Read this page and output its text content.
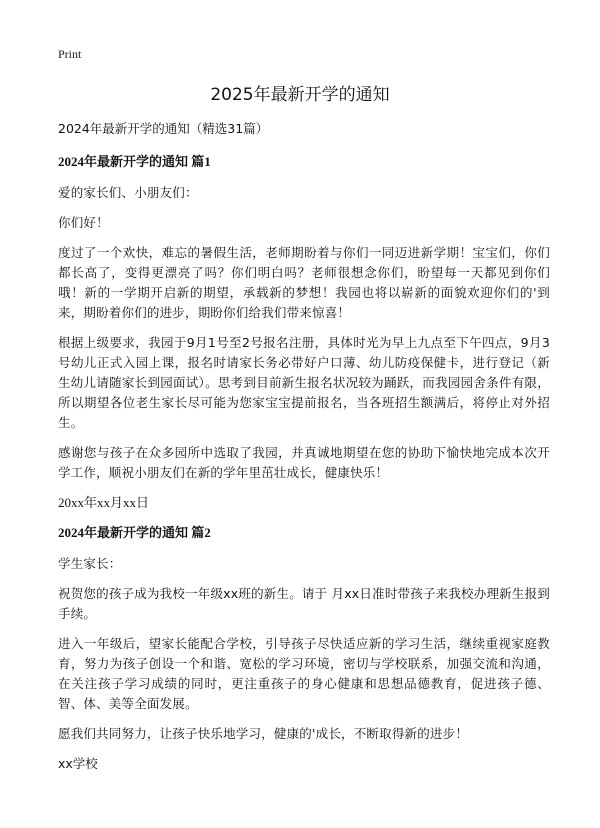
Print
2025年最新开学的通知

2024年最新开学的通知（精选31篇）

2024年最新开学的通知 篇1

爱的家长们、小朋友们：

你们好！

度过了一个欢快，难忘的暑假生活，老师期盼着与你们一同迈进新学期！宝宝们，你们都长高了，变得更漂亮了吗？你们明白吗？老师很想念你们，盼望每一天都见到你们哦！新的一学期开启新的期望，承载新的梦想！我园也将以崭新的面貌欢迎你们的'到来，期盼着你们的进步，期盼你们给我们带来惊喜！

根据上级要求，我园于9月1号至2号报名注册，具体时光为早上九点至下午四点，9月3号幼儿正式入园上课，报名时请家长务必带好户口薄、幼儿防疫保健卡，进行登记（新生幼儿请随家长到园面试）。思考到目前新生报名状况较为踊跃，而我园园舍条件有限，所以期望各位老生家长尽可能为您家宝宝提前报名，当各班招生额满后，将停止对外招生。

感谢您与孩子在众多园所中选取了我园，并真诚地期望在您的协助下愉快地完成本次开学工作，顺祝小朋友们在新的学年里茁壮成长，健康快乐！

20xx年xx月xx日

2024年最新开学的通知 篇2

学生家长：

祝贺您的孩子成为我校一年级xx班的新生。请于 月xx日准时带孩子来我校办理新生报到手续。

进入一年级后，望家长能配合学校，引导孩子尽快适应新的学习生活，继续重视家庭教育，努力为孩子创设一个和谐、宽松的学习环境，密切与学校联系，加强交流和沟通，在关注孩子学习成绩的同时，更注重孩子的身心健康和思想品德教育，促进孩子德、智、体、美等全面发展。

愿我们共同努力，让孩子快乐地学习，健康的'成长，不断取得新的进步！

xx学校
